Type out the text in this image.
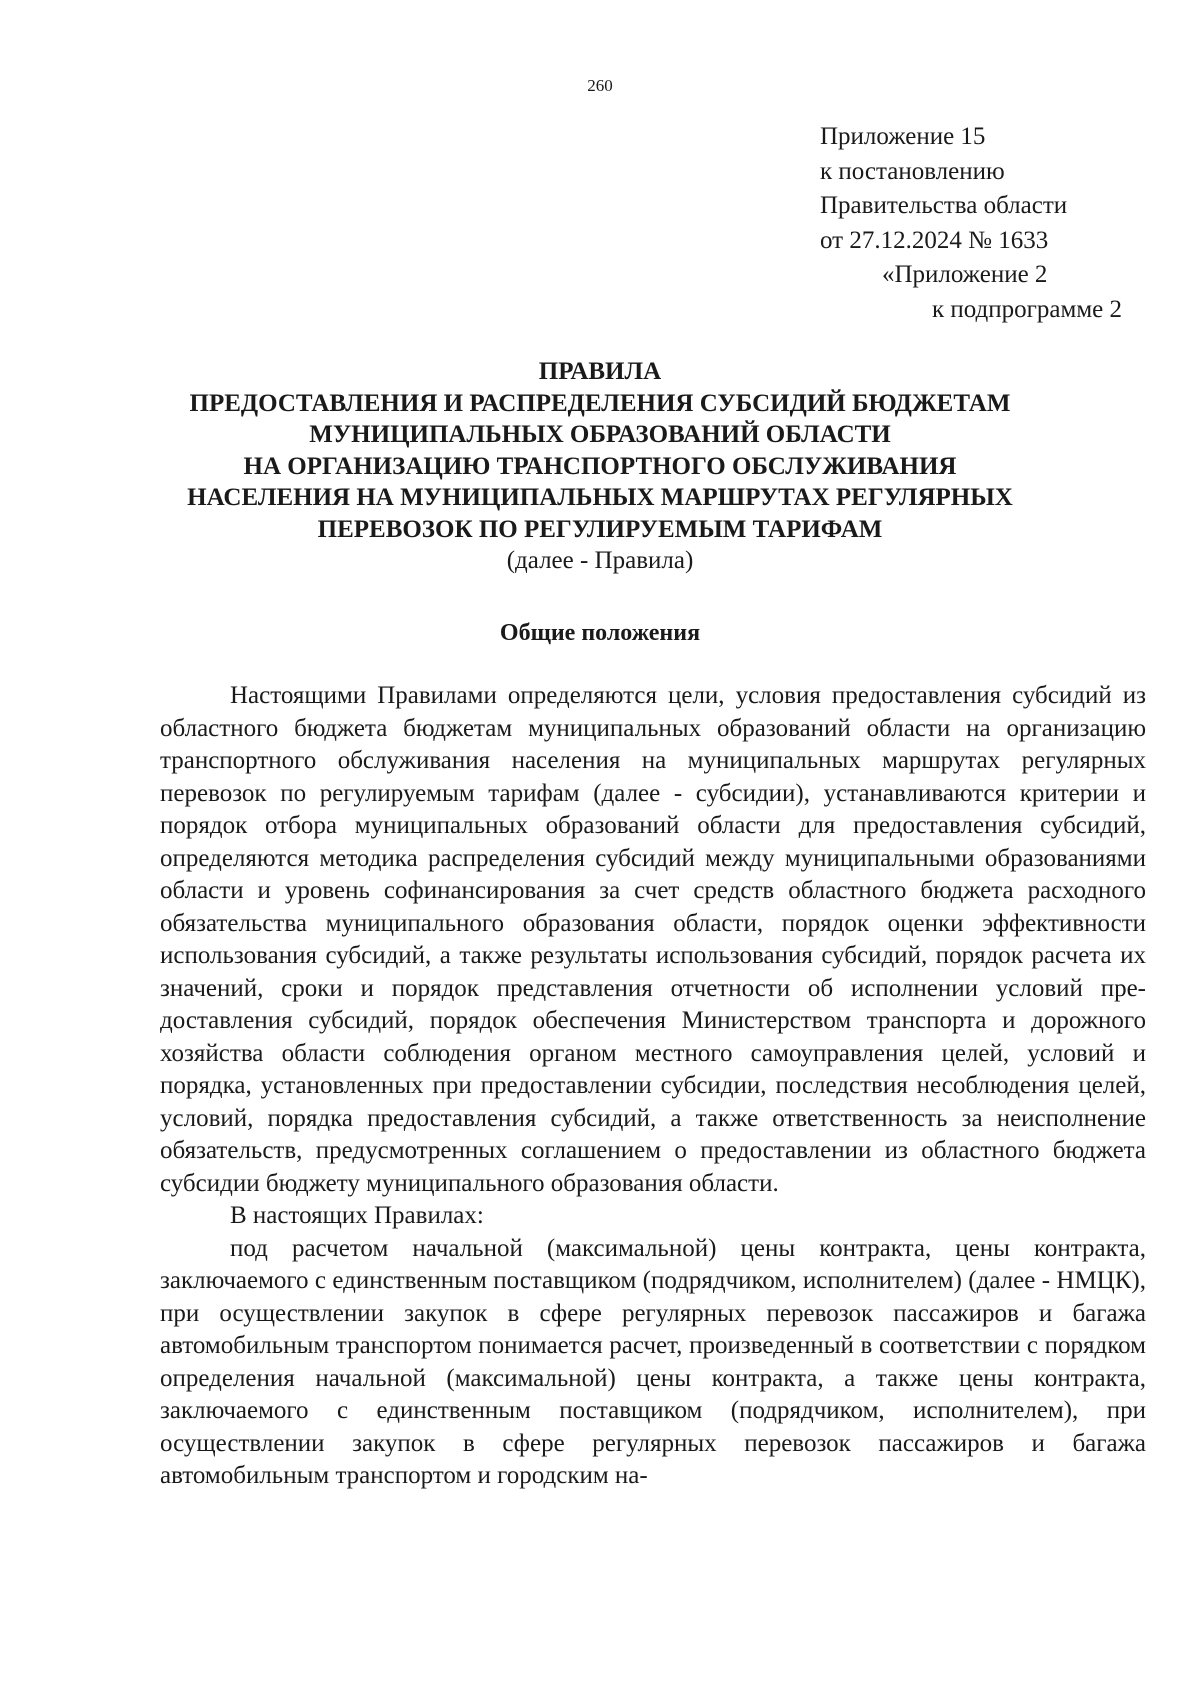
260
Приложение 15
к постановлению
Правительства области
от 27.12.2024 № 1633
«Приложение 2
к подпрограмме 2
ПРАВИЛА
ПРЕДОСТАВЛЕНИЯ И РАСПРЕДЕЛЕНИЯ СУБСИДИЙ БЮДЖЕТАМ
МУНИЦИПАЛЬНЫХ ОБРАЗОВАНИЙ ОБЛАСТИ
НА ОРГАНИЗАЦИЮ ТРАНСПОРТНОГО ОБСЛУЖИВАНИЯ
НАСЕЛЕНИЯ НА МУНИЦИПАЛЬНЫХ МАРШРУТАХ РЕГУЛЯРНЫХ
ПЕРЕВОЗОК ПО РЕГУЛИРУЕМЫМ ТАРИФАМ
(далее - Правила)
Общие положения

Настоящими Правилами определяются цели, условия предоставления субсидий из областного бюджета бюджетам муниципальных образований области на организацию транспортного обслуживания населения на муниципальных маршрутах регулярных перевозок по регулируемым тарифам (далее - субсидии), устанавливаются критерии и порядок отбора муниципальных образований области для предоставления субсидий, определяются методика распределения субсидий между муниципальными образованиями области и уровень софинансирования за счет средств областного бюджета расходного обязательства муниципального образования области, порядок оценки эффективности использования субсидий, а также результаты использования субсидий, порядок расчета их значений, сроки и порядок представления отчетности об исполнении условий предоставления субсидий, порядок обеспечения Министерством транспорта и дорожного хозяйства области соблюдения органом местного самоуправления целей, условий и порядка, установленных при предоставлении субсидии, последствия несоблюдения целей, условий, порядка предоставления субсидий, а также ответственность за неисполнение обязательств, предусмотренных соглашением о предоставлении из областного бюджета субсидии бюджету муниципального образования области.

В настоящих Правилах:

под расчетом начальной (максимальной) цены контракта, цены контракта, заключаемого с единственным поставщиком (подрядчиком, исполнителем) (далее - НМЦК), при осуществлении закупок в сфере регулярных перевозок пассажиров и багажа автомобильным транспортом понимается расчет, произведенный в соответствии с порядком определения начальной (максимальной) цены контракта, а также цены контракта, заключаемого с единственным поставщиком (подрядчиком, исполнителем), при осуществлении закупок в сфере регулярных перевозок пассажиров и багажа автомобильным транспортом и городским на-
